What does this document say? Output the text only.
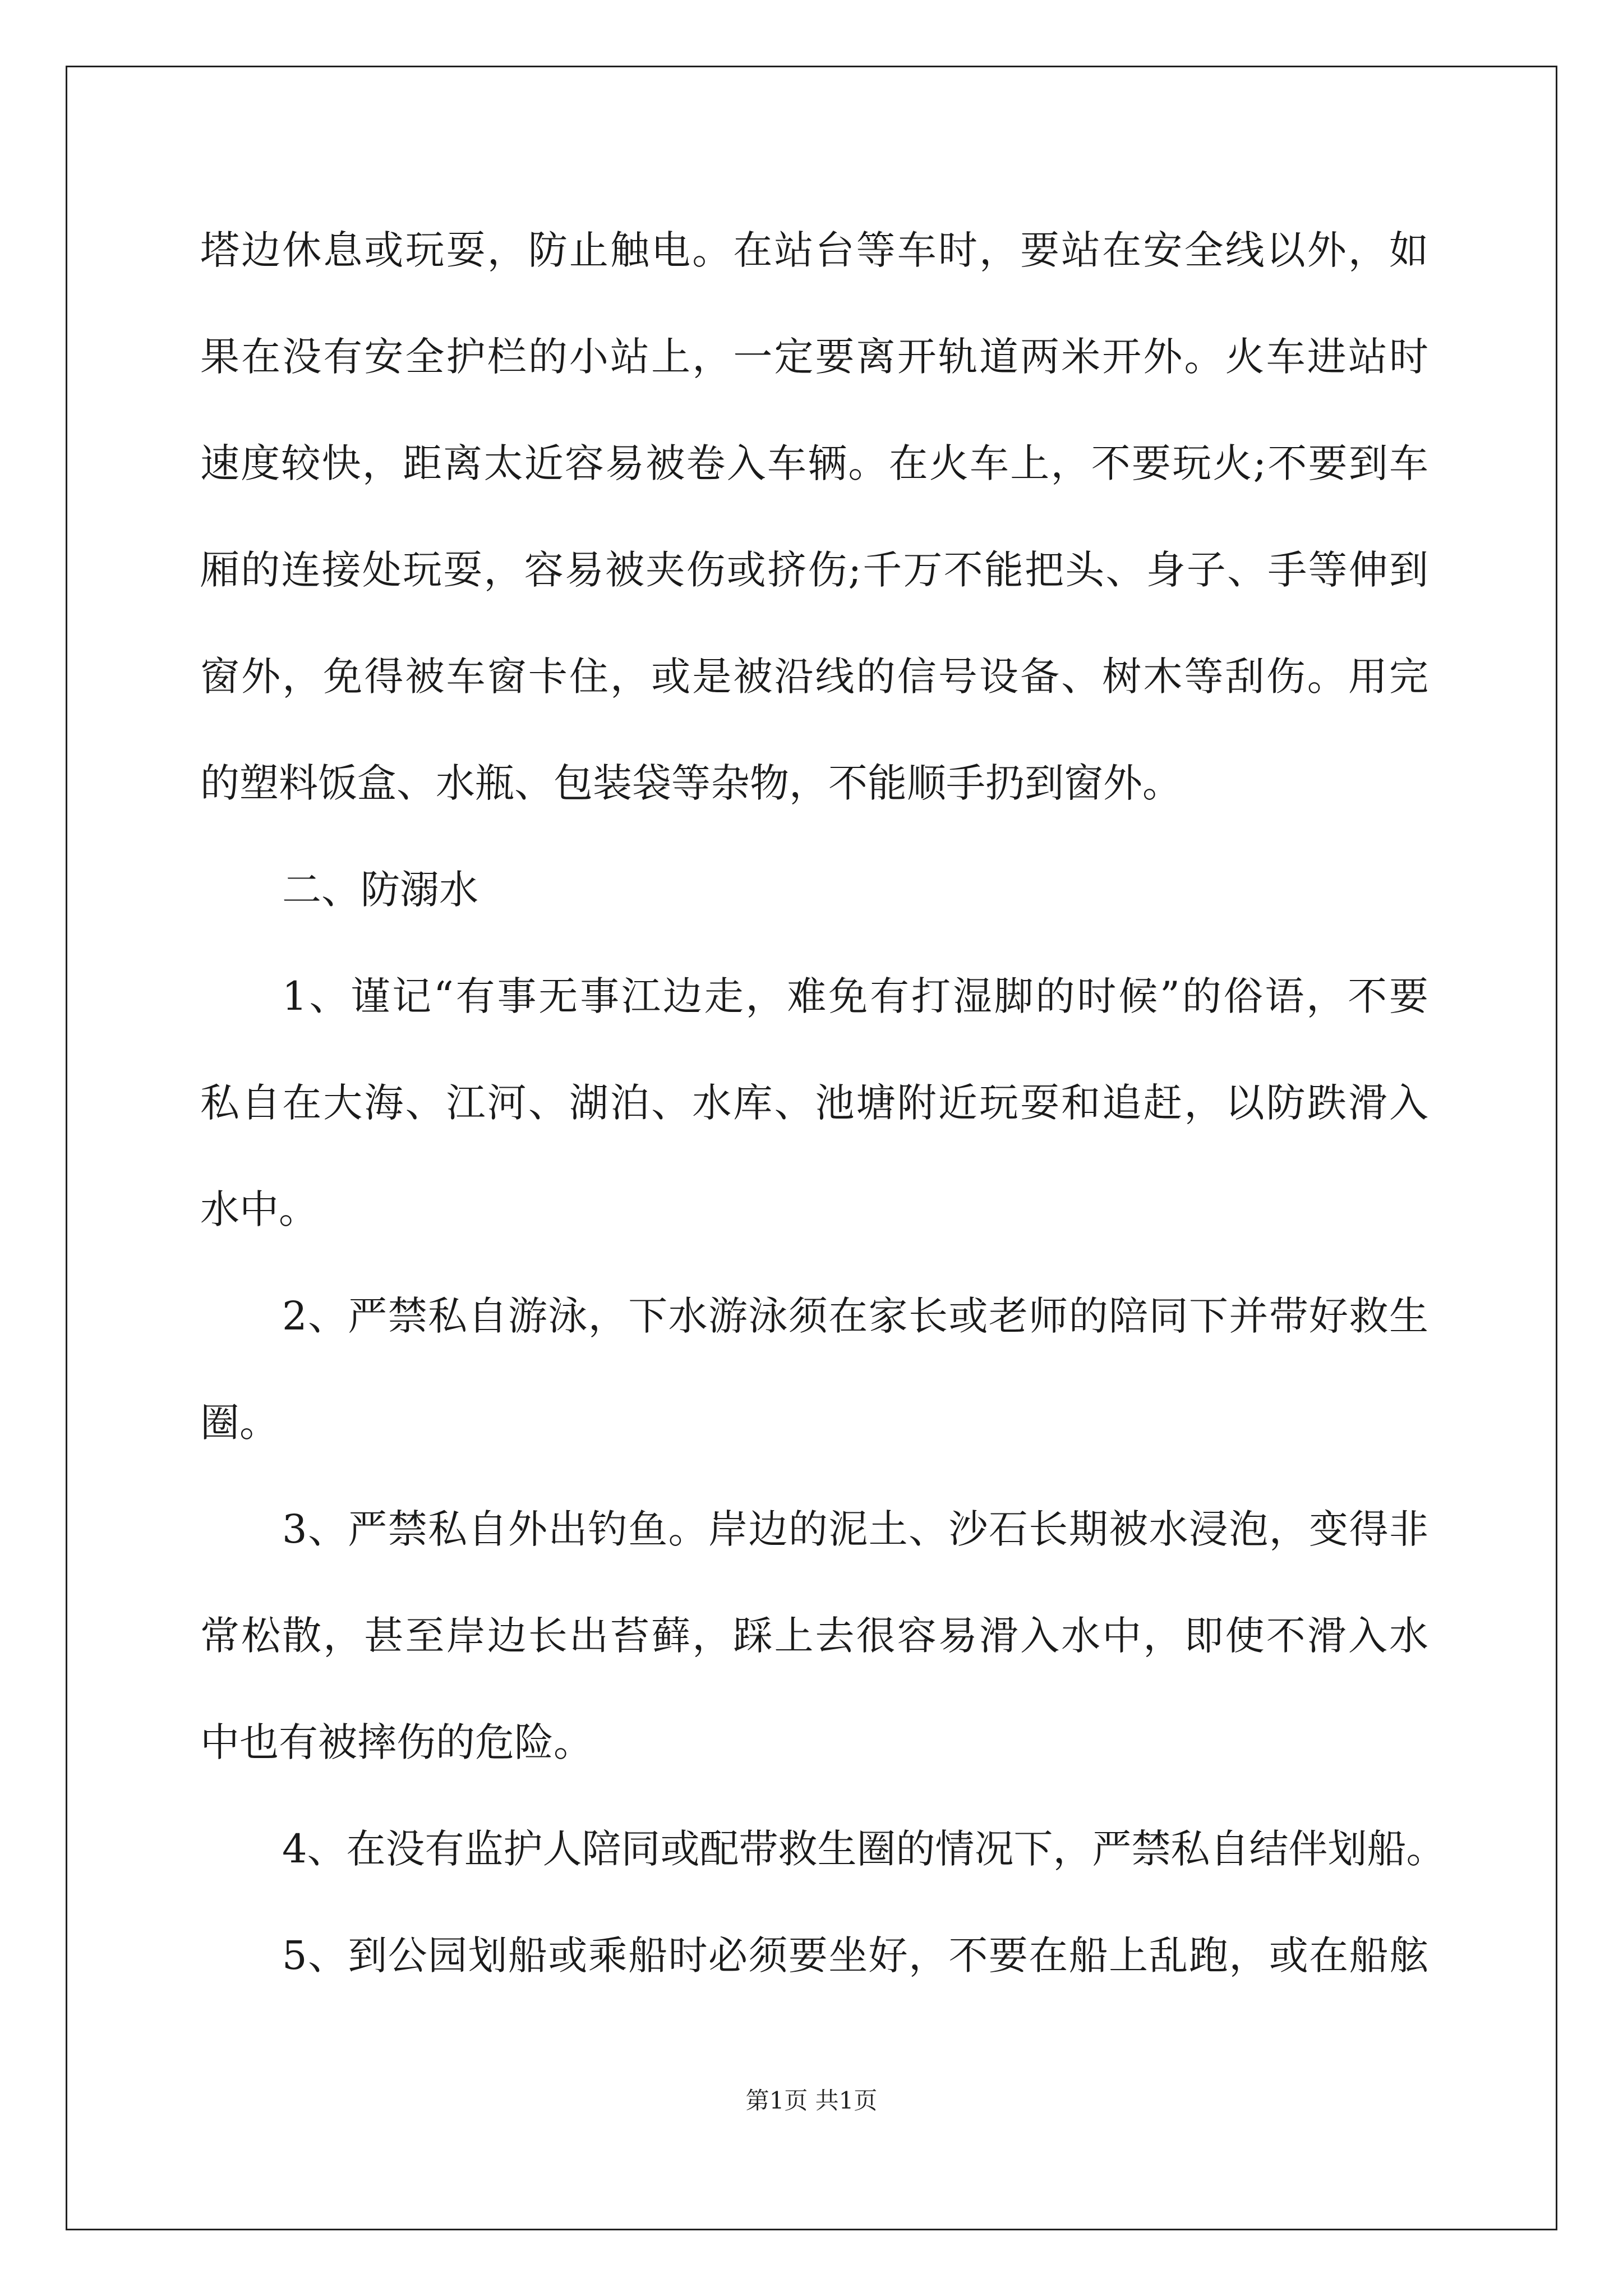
塔边休息或玩耍，防止触电。在站台等车时，要站在安全线以外，如
果在没有安全护栏的小站上，一定要离开轨道两米开外。火车进站时
速度较快，距离太近容易被卷入车辆。在火车上，不要玩火;不要到车
厢的连接处玩耍，容易被夹伤或挤伤;千万不能把头、身子、手等伸到
窗外，免得被车窗卡住，或是被沿线的信号设备、树木等刮伤。用完
的塑料饭盒、水瓶、包装袋等杂物，不能顺手扔到窗外。
二、防溺水
1、谨记“有事无事江边走，难免有打湿脚的时候”的俗语，不要
私自在大海、江河、湖泊、水库、池塘附近玩耍和追赶，以防跌滑入
水中。
2、严禁私自游泳，下水游泳须在家长或老师的陪同下并带好救生
圈。
3、严禁私自外出钓鱼。岸边的泥土、沙石长期被水浸泡，变得非
常松散，甚至岸边长出苔藓，踩上去很容易滑入水中，即使不滑入水
中也有被摔伤的危险。
4、在没有监护人陪同或配带救生圈的情况下，严禁私自结伴划船。
5、到公园划船或乘船时必须要坐好，不要在船上乱跑，或在船舷
第1页 共1页
